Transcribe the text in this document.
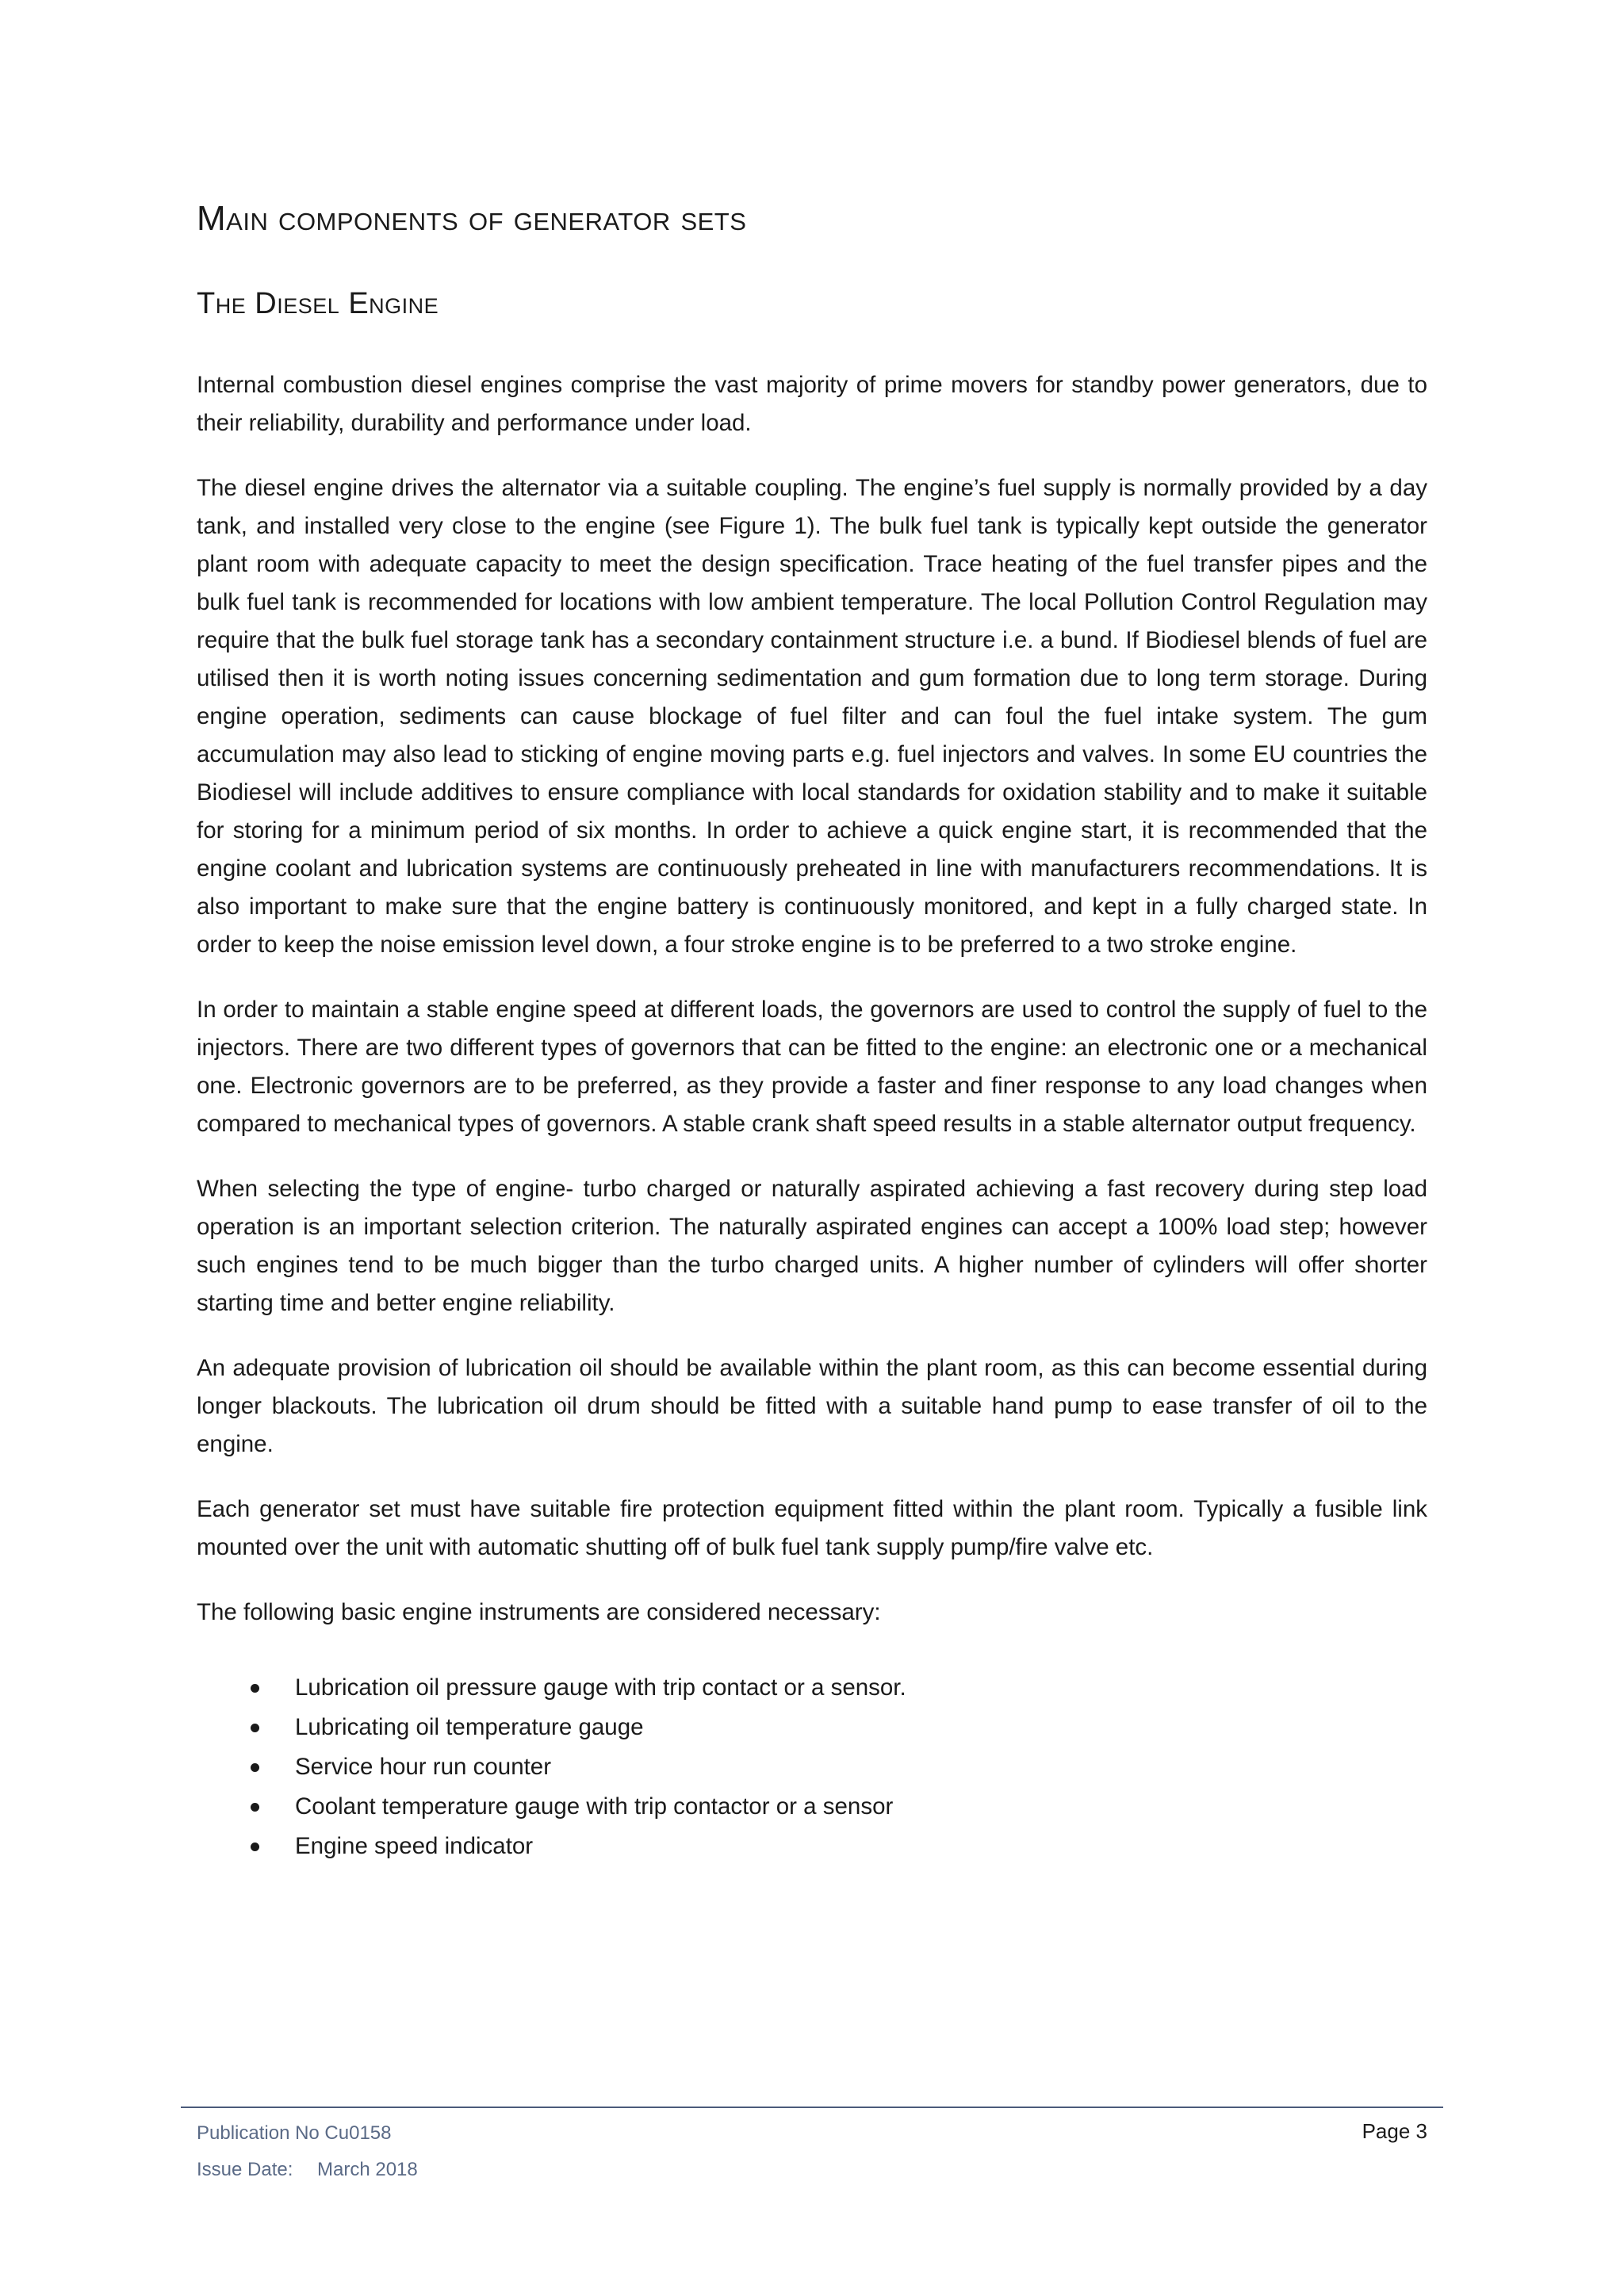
Main components of generator sets
The Diesel Engine

Internal combustion diesel engines comprise the vast majority of prime movers for standby power generators, due to their reliability, durability and performance under load.

The diesel engine drives the alternator via a suitable coupling. The engine’s fuel supply is normally provided by a day tank, and installed very close to the engine (see Figure 1). The bulk fuel tank is typically kept outside the generator plant room with adequate capacity to meet the design specification. Trace heating of the fuel transfer pipes and the bulk fuel tank is recommended for locations with low ambient temperature. The local Pollution Control Regulation may require that the bulk fuel storage tank has a secondary containment structure i.e. a bund. If Biodiesel blends of fuel are utilised then it is worth noting issues concerning sedimentation and gum formation due to long term storage. During engine operation, sediments can cause blockage of fuel filter and can foul the fuel intake system. The gum accumulation may also lead to sticking of engine moving parts e.g. fuel injectors and valves. In some EU countries the Biodiesel will include additives to ensure compliance with local standards for oxidation stability and to make it suitable for storing for a minimum period of six months. In order to achieve a quick engine start, it is recommended that the engine coolant and lubrication systems are continuously preheated in line with manufacturers recommendations. It is also important to make sure that the engine battery is continuously monitored, and kept in a fully charged state. In order to keep the noise emission level down, a four stroke engine is to be preferred to a two stroke engine.

In order to maintain a stable engine speed at different loads, the governors are used to control the supply of fuel to the injectors. There are two different types of governors that can be fitted to the engine: an electronic one or a mechanical one. Electronic governors are to be preferred, as they provide a faster and finer response to any load changes when compared to mechanical types of governors. A stable crank shaft speed results in a stable alternator output frequency.

When selecting the type of engine- turbo charged or naturally aspirated achieving a fast recovery during step load operation is an important selection criterion. The naturally aspirated engines can accept a 100% load step; however such engines tend to be much bigger than the turbo charged units. A higher number of cylinders will offer shorter starting time and better engine reliability.

An adequate provision of lubrication oil should be available within the plant room, as this can become essential during longer blackouts. The lubrication oil drum should be fitted with a suitable hand pump to ease transfer of oil to the engine.

Each generator set must have suitable fire protection equipment fitted within the plant room. Typically a fusible link mounted over the unit with automatic shutting off of bulk fuel tank supply pump/fire valve etc.

The following basic engine instruments are considered necessary:

Lubrication oil pressure gauge with trip contact or a sensor.
Lubricating oil temperature gauge
Service hour run counter
Coolant temperature gauge with trip contactor or a sensor
Engine speed indicator
Publication No Cu0158
Issue Date: March 2018
Page 3
